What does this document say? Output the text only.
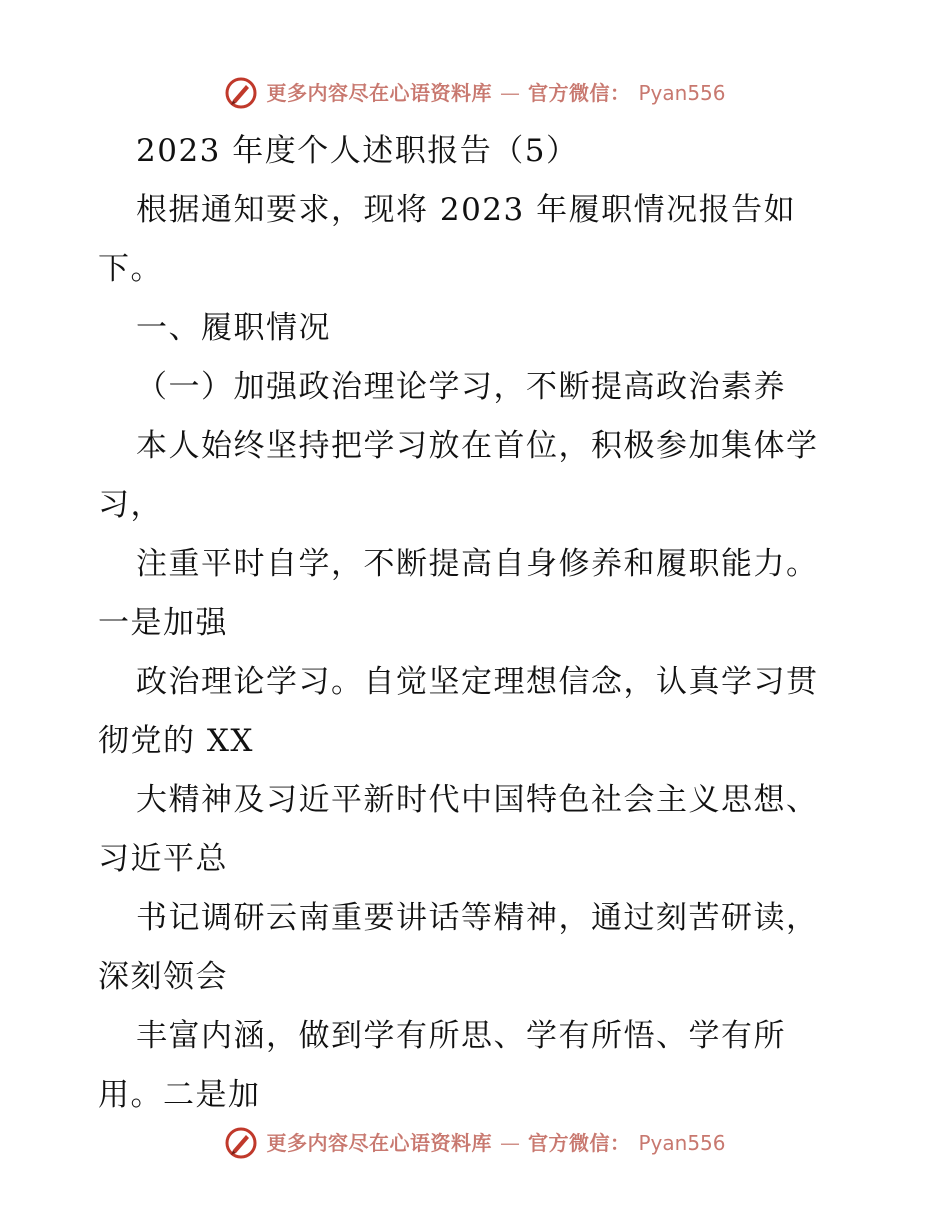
更多内容尽在心语资料库 — 官方微信： Pyan556
2023 年度个人述职报告（5）
根据通知要求，现将 2023 年履职情况报告如
下。
一、履职情况
（一）加强政治理论学习，不断提高政治素养
本人始终坚持把学习放在首位，积极参加集体学
习，
注重平时自学，不断提高自身修养和履职能力。
一是加强
政治理论学习。自觉坚定理想信念，认真学习贯
彻党的 XX
大精神及习近平新时代中国特色社会主义思想、
习近平总
书记调研云南重要讲话等精神，通过刻苦研读，
深刻领会
丰富内涵，做到学有所思、学有所悟、学有所
用。二是加
更多内容尽在心语资料库 — 官方微信： Pyan556
